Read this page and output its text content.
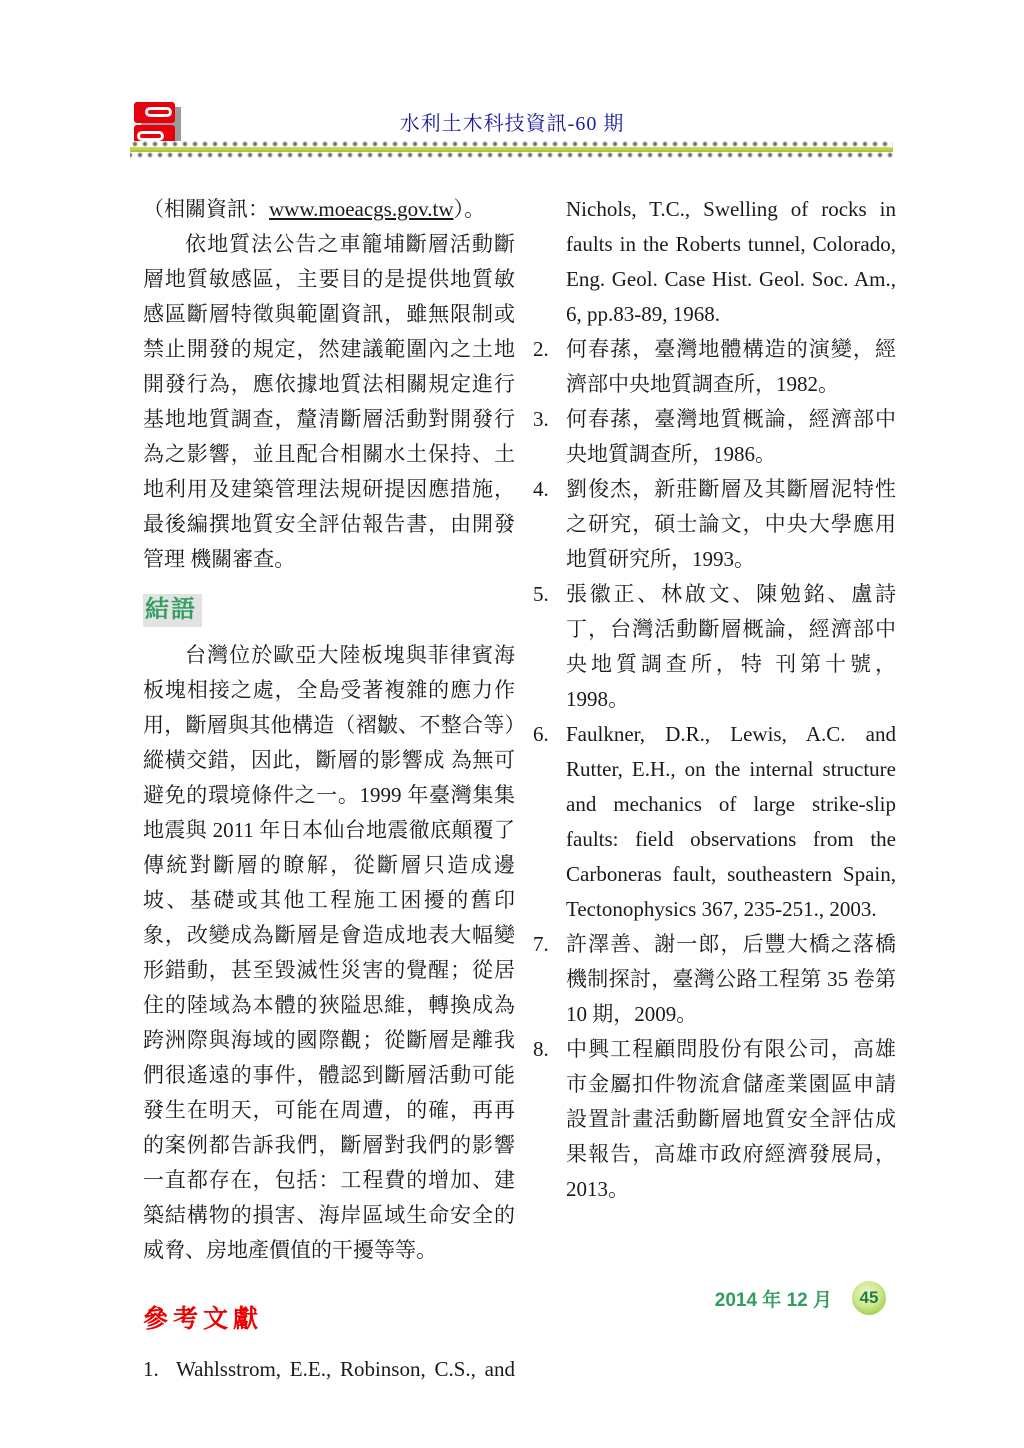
水利土木科技資訊-60 期

（相關資訊：www.moeacgs.gov.tw）。

依地質法公告之車籠埔斷層活動斷層地質敏感區，主要目的是提供地質敏感區斷層特徵與範圍資訊，雖無限制或禁止開發的規定，然建議範圍內之土地開發行為，應依據地質法相關規定進行基地地質調查，釐清斷層活動對開發行為之影響，並且配合相關水土保持、土地利用及建築管理法規研提因應措施，最後編撰地質安全評估報告書，由開發管理 機關審查。

結語

台灣位於歐亞大陸板塊與菲律賓海板塊相接之處，全島受著複雜的應力作用，斷層與其他構造（褶皺、不整合等）縱橫交錯，因此，斷層的影響成 為無可避免的環境條件之一。1999 年臺灣集集地震與 2011 年日本仙台地震徹底顛覆了傳統對斷層的瞭解，從斷層只造成邊坡、基礎或其他工程施工困擾的舊印象，改變成為斷層是會造成地表大幅變形錯動，甚至毀滅性災害的覺醒；從居住的陸域為本體的狹隘思維，轉換成為跨洲際與海域的國際觀；從斷層是離我們很遙遠的事件，體認到斷層活動可能發生在明天，可能在周遭，的確，再再的案例都告訴我們，斷層對我們的影響一直都存在，包括：工程費的增加、建築結構物的損害、海岸區域生命安全的威脅、房地產價值的干擾等等。

參考文獻
1. Wahlsstrom, E.E., Robinson, C.S., and

Nichols, T.C., Swelling of rocks in faults in the Roberts tunnel, Colorado, Eng. Geol. Case Hist. Geol. Soc. Am., 6, pp.83-89, 1968.

2. 何春蓀，臺灣地體構造的演變，經濟部中央地質調查所，1982。
3. 何春蓀，臺灣地質概論，經濟部中央地質調查所，1986。
4. 劉俊杰，新莊斷層及其斷層泥特性之研究，碩士論文，中央大學應用地質研究所，1993。
5. 張徽正、林啟文、陳勉銘、盧詩丁，台灣活動斷層概論，經濟部中央地質調查所，特 刊第十號，1998。
6. Faulkner, D.R., Lewis, A.C. and Rutter, E.H., on the internal structure and mechanics of large strike-slip faults: field observations from the Carboneras fault, southeastern Spain, Tectonophysics 367, 235-251., 2003.
7. 許澤善、謝一郎，后豐大橋之落橋機制探討，臺灣公路工程第 35 卷第 10 期，2009。
8. 中興工程顧問股份有限公司，高雄市金屬扣件物流倉儲產業園區申請設置計畫活動斷層地質安全評估成果報告，高雄市政府經濟發展局，2013。
2014 年 12 月 45
